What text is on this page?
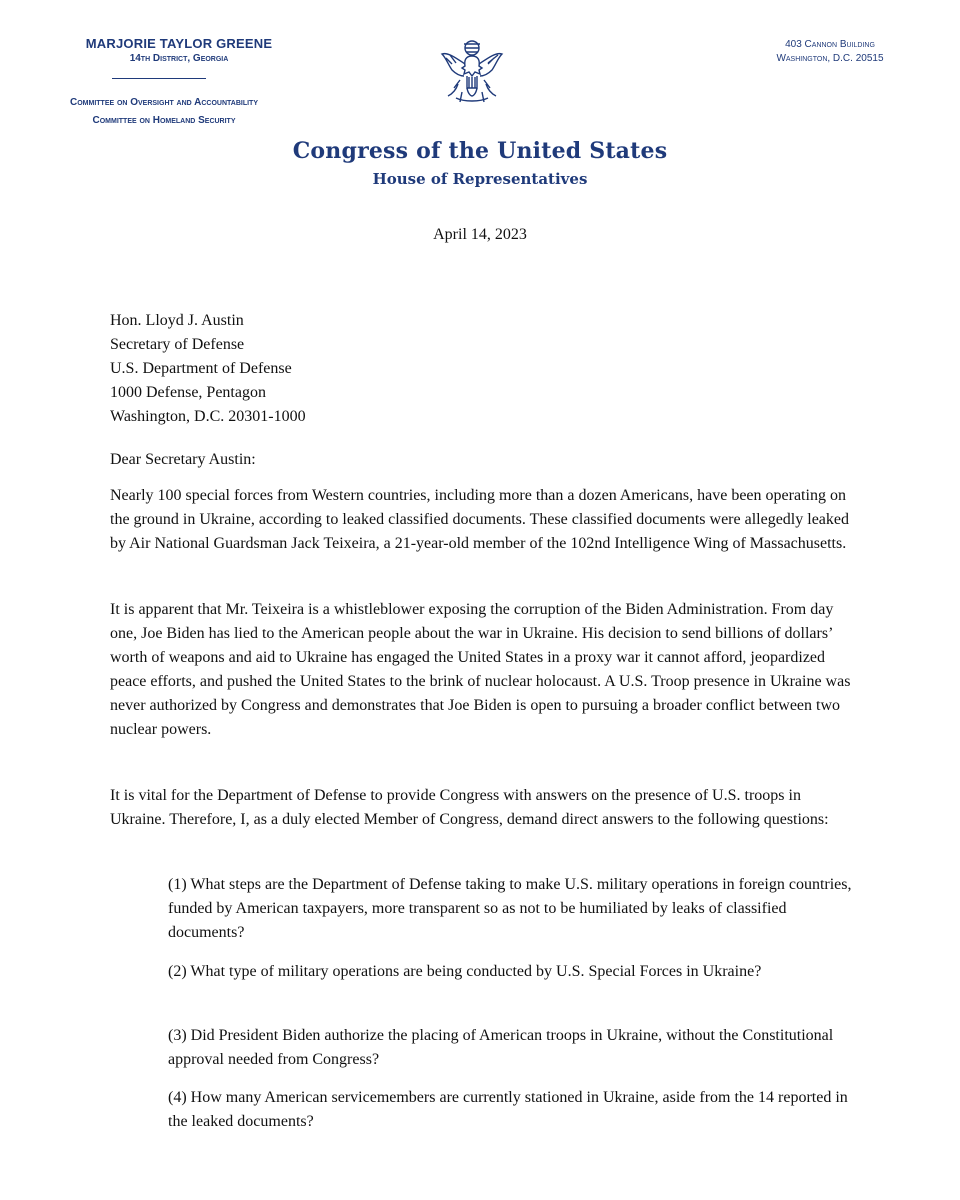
MARJORIE TAYLOR GREENE
14th District, Georgia
Committee on Oversight and Accountability
Committee on Homeland Security
403 Cannon Building
Washington, D.C. 20515
Congress of the United States
House of Representatives
April 14, 2023
Hon. Lloyd J. Austin
Secretary of Defense
U.S. Department of Defense
1000 Defense, Pentagon
Washington, D.C. 20301-1000
Dear Secretary Austin:

Nearly 100 special forces from Western countries, including more than a dozen Americans, have been operating on the ground in Ukraine, according to leaked classified documents. These classified documents were allegedly leaked by Air National Guardsman Jack Teixeira, a 21-year-old member of the 102nd Intelligence Wing of Massachusetts.

It is apparent that Mr. Teixeira is a whistleblower exposing the corruption of the Biden Administration. From day one, Joe Biden has lied to the American people about the war in Ukraine. His decision to send billions of dollars’ worth of weapons and aid to Ukraine has engaged the United States in a proxy war it cannot afford, jeopardized peace efforts, and pushed the United States to the brink of nuclear holocaust. A U.S. Troop presence in Ukraine was never authorized by Congress and demonstrates that Joe Biden is open to pursuing a broader conflict between two nuclear powers.

It is vital for the Department of Defense to provide Congress with answers on the presence of U.S. troops in Ukraine. Therefore, I, as a duly elected Member of Congress, demand direct answers to the following questions:

(1) What steps are the Department of Defense taking to make U.S. military operations in foreign countries, funded by American taxpayers, more transparent so as not to be humiliated by leaks of classified documents?

(2) What type of military operations are being conducted by U.S. Special Forces in Ukraine?

(3) Did President Biden authorize the placing of American troops in Ukraine, without the Constitutional approval needed from Congress?

(4) How many American servicemembers are currently stationed in Ukraine, aside from the 14 reported in the leaked documents?
